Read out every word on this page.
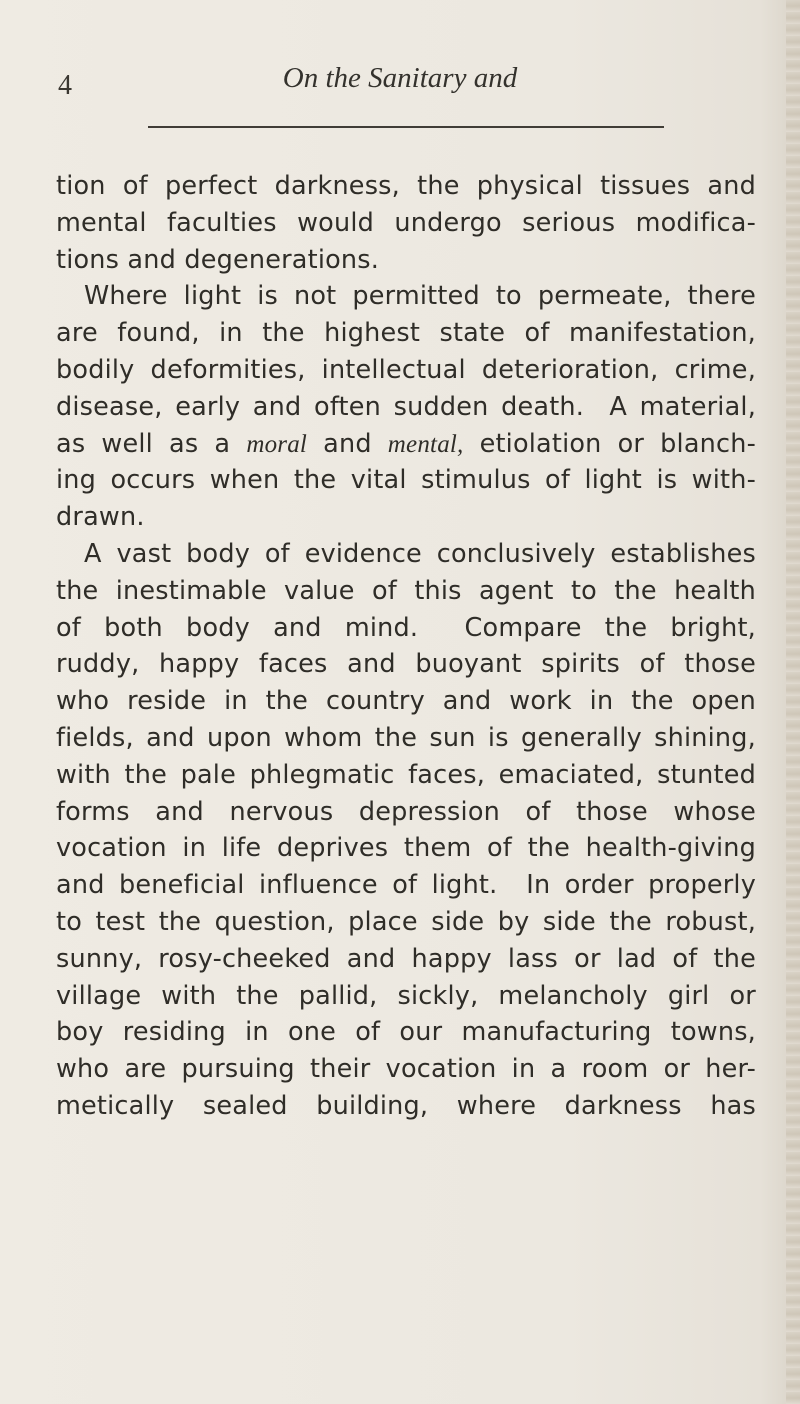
4	On the Sanitary and
tion of perfect darkness, the physical tissues and
mental faculties would undergo serious modifica-
tions and degenerations.
Where light is not permitted to permeate, there
are found, in the highest state of manifestation,
bodily deformities, intellectual deterioration, crime,
disease, early and often sudden death.  A material,
as well as a moral and mental, etiolation or blanch-
ing occurs when the vital stimulus of light is with-
drawn.
A vast body of evidence conclusively establishes
the inestimable value of this agent to the health
of both body and mind.  Compare the bright,
ruddy, happy faces and buoyant spirits of those
who reside in the country and work in the open
fields, and upon whom the sun is generally shining,
with the pale phlegmatic faces, emaciated, stunted
forms and nervous depression of those whose
vocation in life deprives them of the health-giving
and beneficial influence of light.  In order properly
to test the question, place side by side the robust,
sunny, rosy-cheeked and happy lass or lad of the
village with the pallid, sickly, melancholy girl or
boy residing in one of our manufacturing towns,
who are pursuing their vocation in a room or her-
metically sealed building, where darkness has
